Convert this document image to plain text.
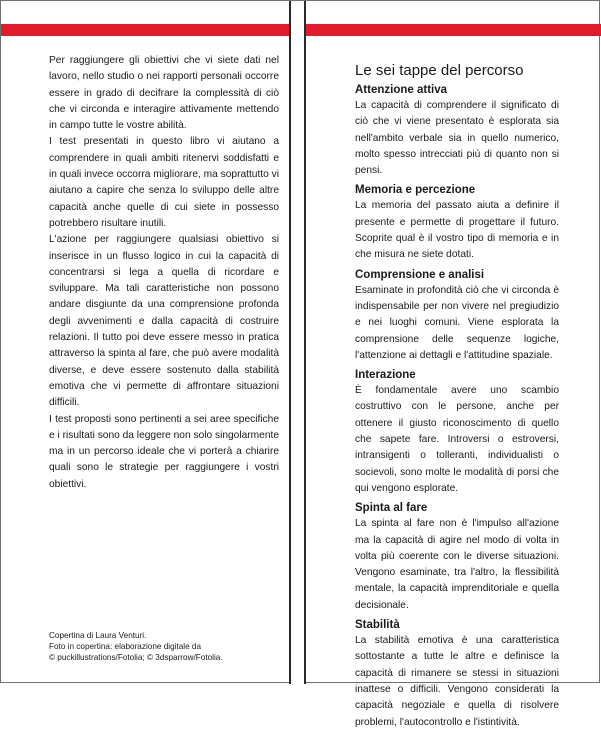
Per raggiungere gli obiettivi che vi siete dati nel lavoro, nello studio o nei rapporti personali occorre essere in grado di decifrare la complessità di ciò che vi circonda e interagire attivamente mettendo in campo tutte le vostre abilità.

I test presentati in questo libro vi aiutano a comprendere in quali ambiti ritenervi soddisfatti e in quali invece occorra migliorare, ma soprattutto vi aiutano a capire che senza lo sviluppo delle altre capacità anche quelle di cui siete in possesso potrebbero risultare inutili.

L'azione per raggiungere qualsiasi obiettivo si inserisce in un flusso logico in cui la capacità di concentrarsi si lega a quella di ricordare e sviluppare. Ma tali caratteristiche non possono andare disgiunte da una comprensione profonda degli avvenimenti e dalla capacità di costruire relazioni. Il tutto poi deve essere messo in pratica attraverso la spinta al fare, che può avere modalità diverse, e deve essere sostenuto dalla stabilità emotiva che vi permette di affrontare situazioni difficili.

I test proposti sono pertinenti a sei aree specifiche e i risultati sono da leggere non solo singolarmente ma in un percorso ideale che vi porterà a chiarire quali sono le strategie per raggiungere i vostri obiettivi.

Copertina di Laura Venturi.
Foto in copertina: elaborazione digitale da
© puckillustrations/Fotolia; © 3dsparrow/Fotolia.
Le sei tappe del percorso
Attenzione attiva

La capacità di comprendere il significato di ciò che vi viene presentato è esplorata sia nell'ambito verbale sia in quello numerico, molto spesso intrecciati più di quanto non si pensi.

Memoria e percezione

La memoria del passato aiuta a definire il presente e permette di progettare il futuro. Scoprite qual è il vostro tipo di memoria e in che misura ne siete dotati.

Comprensione e analisi

Esaminate in profondità ciò che vi circonda è indispensabile per non vivere nel pregiudizio e nei luoghi comuni. Viene esplorata la comprensione delle sequenze logiche, l'attenzione ai dettagli e l'attitudine spaziale.

Interazione

È fondamentale avere uno scambio costruttivo con le persone, anche per ottenere il giusto riconoscimento di quello che sapete fare. Introversi o estroversi, intransigenti o tolleranti, individualisti o socievoli, sono molte le modalità di porsi che qui vengono esplorate.

Spinta al fare

La spinta al fare non è l'impulso all'azione ma la capacità di agire nel modo di volta in volta più coerente con le diverse situazioni. Vengono esaminate, tra l'altro, la flessibilità mentale, la capacità imprenditoriale e quella decisionale.

Stabilità

La stabilità emotiva è una caratteristica sottostante a tutte le altre e definisce la capacità di rimanere se stessi in situazioni inattese o difficili. Vengono considerati la capacità negoziale e quella di risolvere problemi, l'autocontrollo e l'istintività.
